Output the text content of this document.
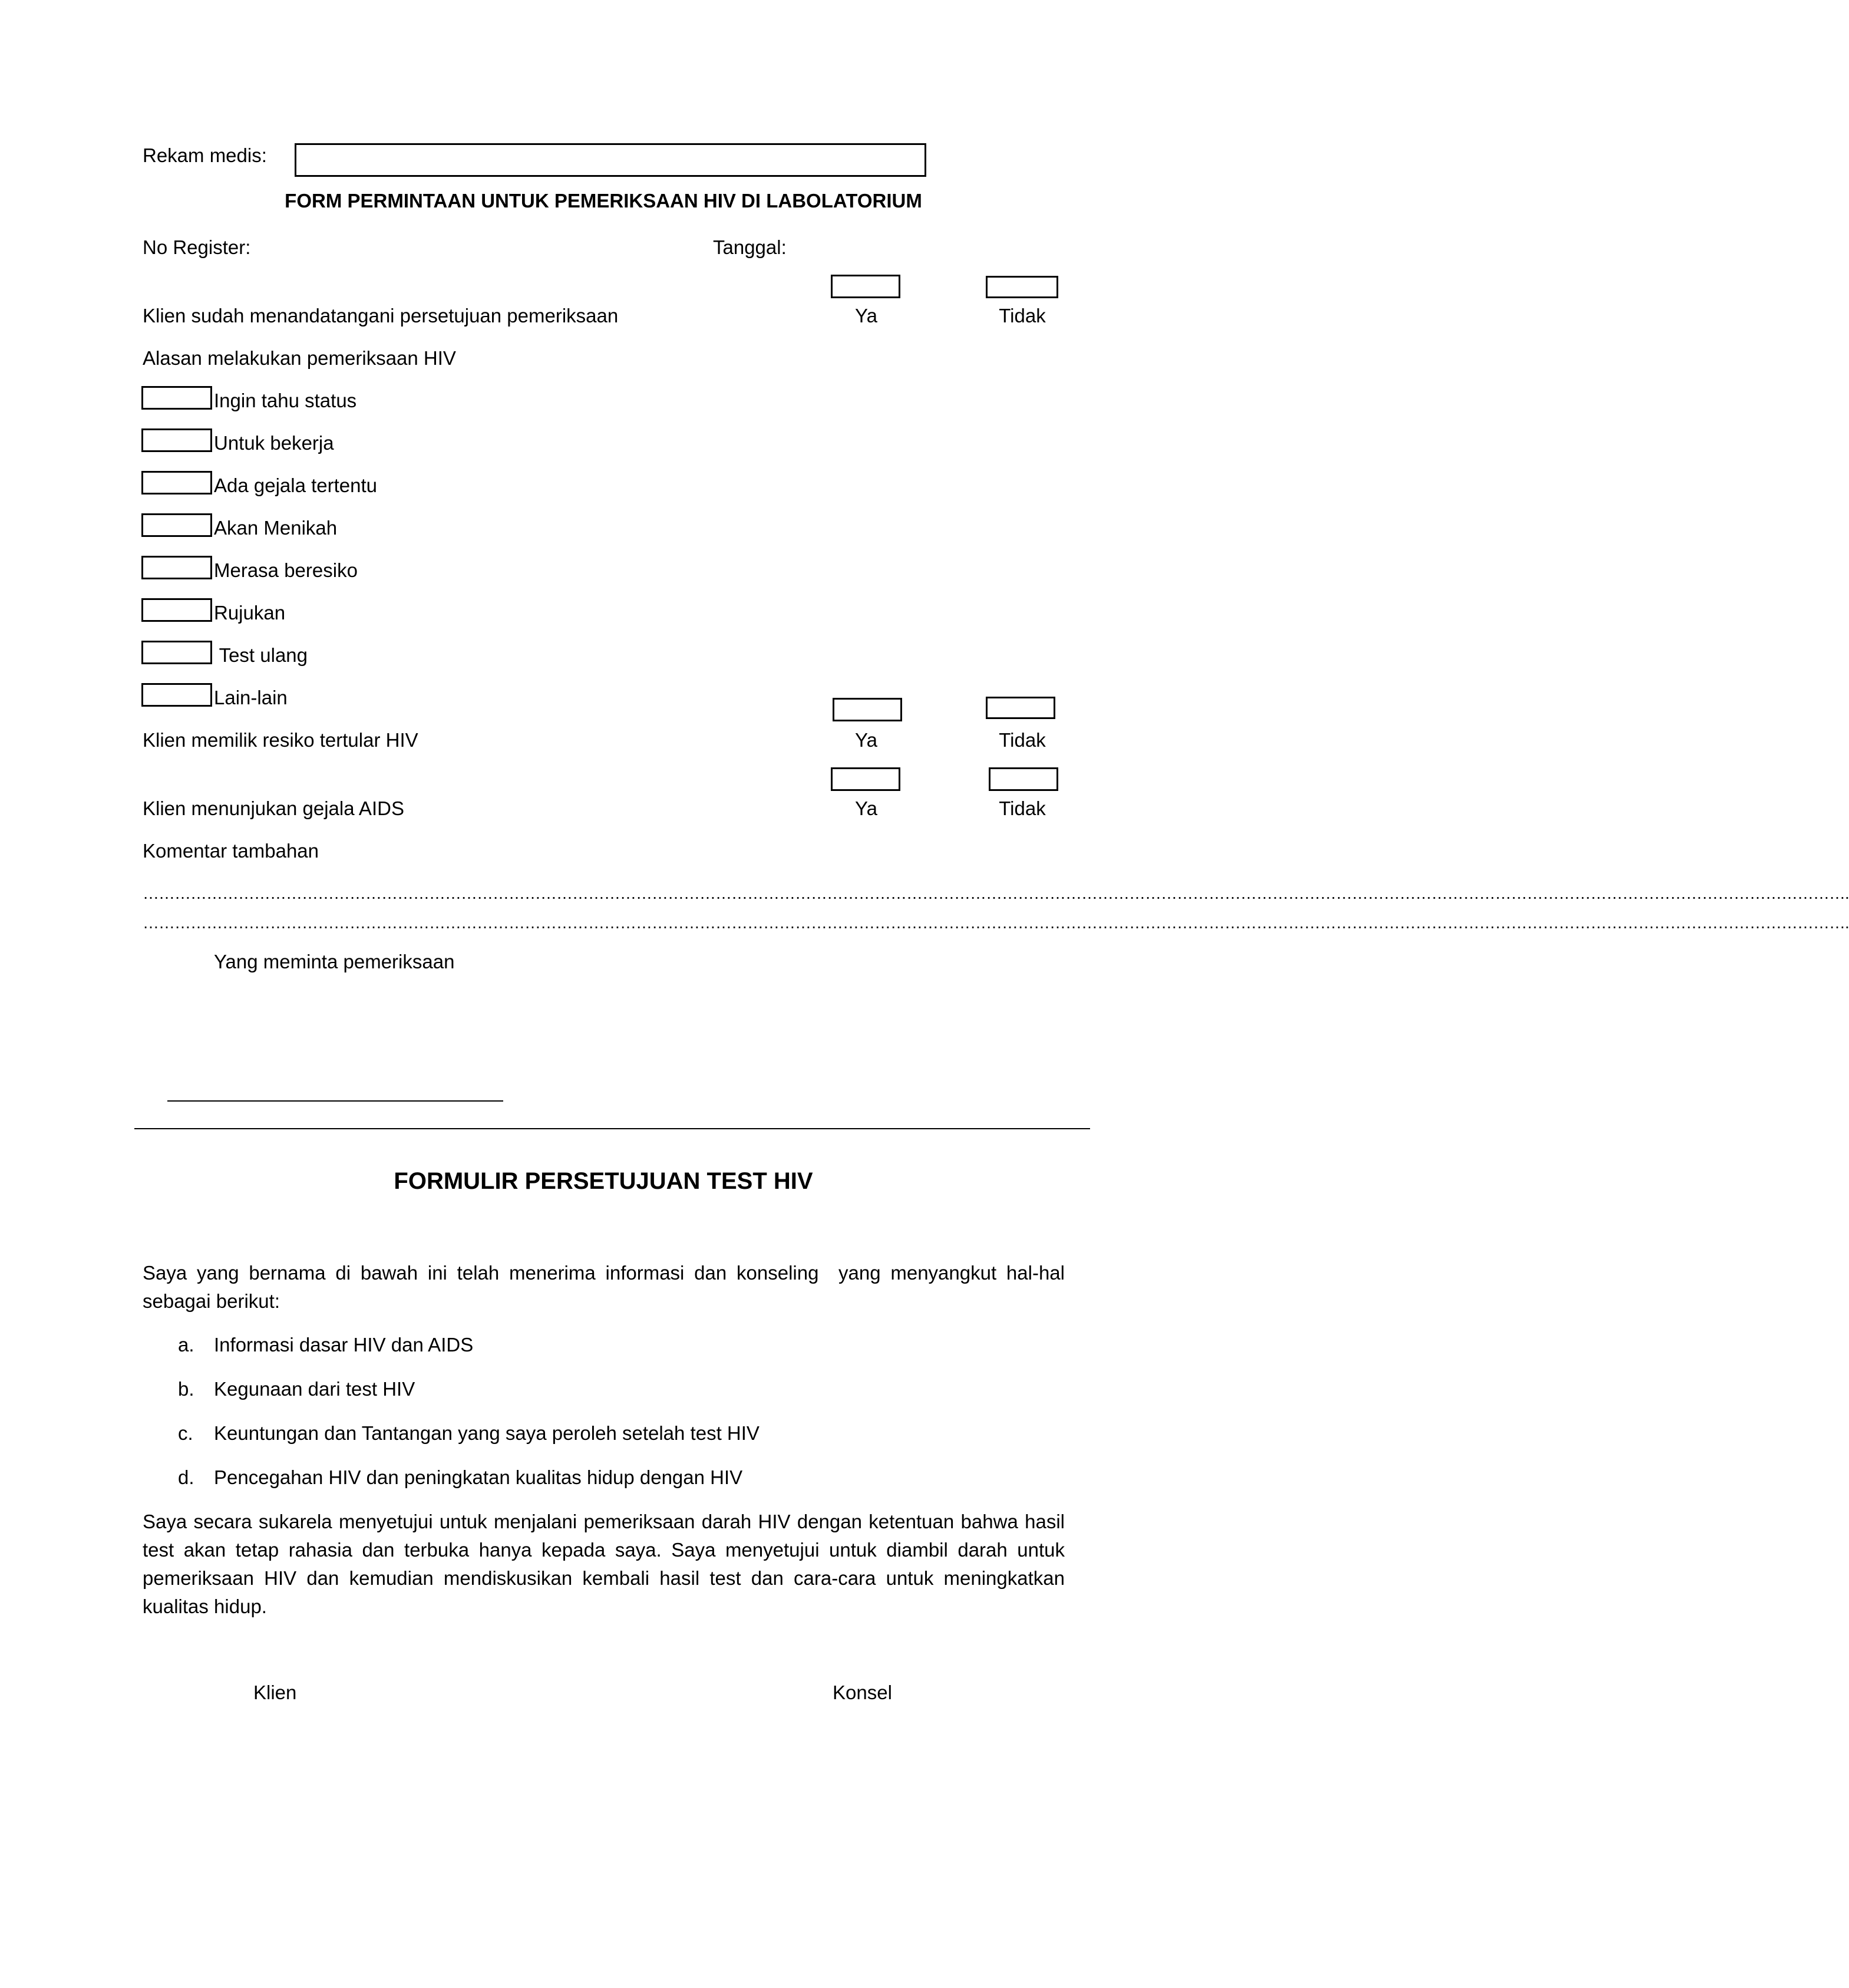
Rekam medis:
FORM PERMINTAAN UNTUK PEMERIKSAAN HIV DI LABOLATORIUM
No Register:	Tanggal:
Klien sudah menandatangani persetujuan pemeriksaan	Ya	Tidak
Alasan melakukan pemeriksaan HIV
Ingin tahu status
Untuk bekerja
Ada gejala tertentu
Akan Menikah
Merasa beresiko
Rujukan
Test ulang
Lain-lain
Klien memilik resiko tertular HIV	Ya	Tidak
Klien menunjukan gejala AIDS	Ya	Tidak
Komentar tambahan
…………………………………………………………………………………………………………………………………………………………………………………………………………………………………………………………………………………………….
…………………………………………………………………………………………………………………………………………………………………………………………………………………………………………………………………………………………….
Yang meminta pemeriksaan
FORMULIR PERSETUJUAN TEST HIV
Saya yang bernama di bawah ini telah menerima informasi dan konseling  yang menyangkut hal-hal sebagai berikut:
a. Informasi dasar HIV dan AIDS
b. Kegunaan dari test HIV
c. Keuntungan dan Tantangan yang saya peroleh setelah test HIV
d. Pencegahan HIV dan peningkatan kualitas hidup dengan HIV
Saya secara sukarela menyetujui untuk menjalani pemeriksaan darah HIV dengan ketentuan bahwa hasil test akan tetap rahasia dan terbuka hanya kepada saya. Saya menyetujui untuk diambil darah untuk pemeriksaan HIV dan kemudian mendiskusikan kembali hasil test dan cara-cara untuk meningkatkan kualitas hidup.
Klien	Konsel
